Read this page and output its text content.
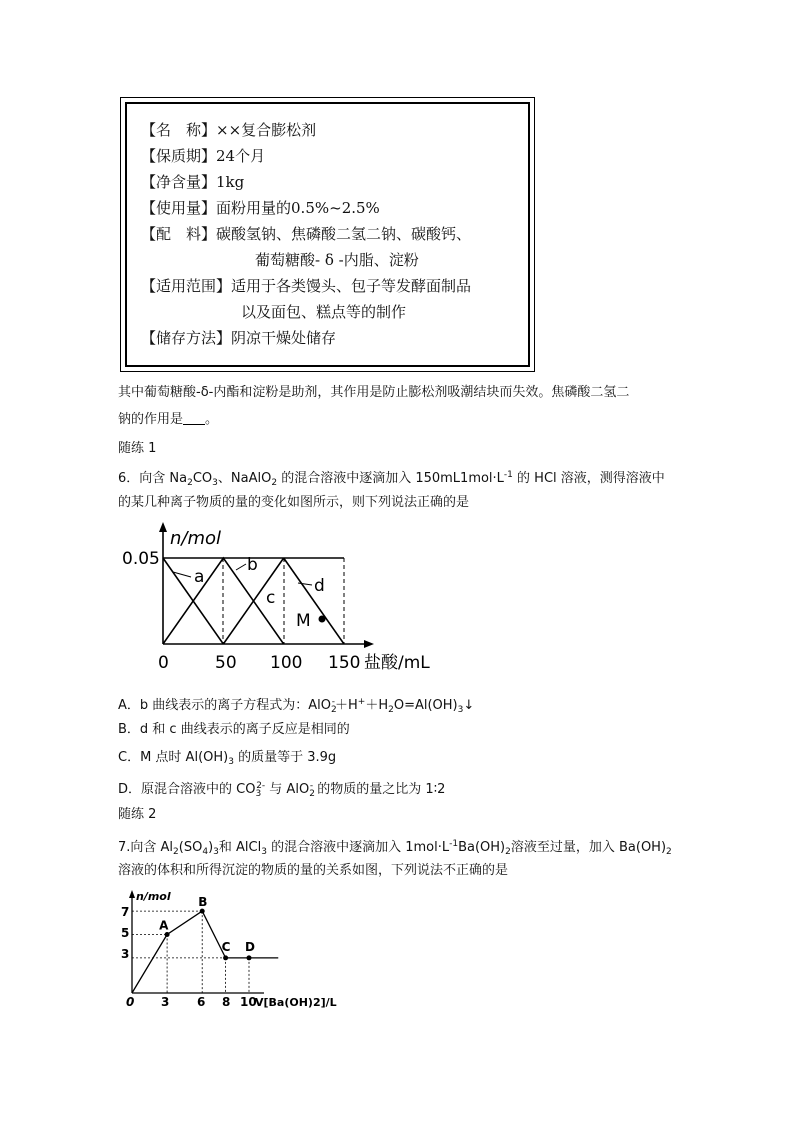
【名　称】××复合膨松剂
【保质期】24个月
【净含量】1kg
【使用量】面粉用量的0.5%~2.5%
【配　料】碳酸氢钠、焦磷酸二氢二钠、碳酸钙、
葡萄糖酸- δ -内脂、淀粉
【适用范围】适用于各类馒头、包子等发酵面制品
以及面包、糕点等的制作
【储存方法】阴凉干燥处储存
其中葡萄糖酸-δ-内酯和淀粉是助剂，其作用是防止膨松剂吸潮结块而失效。焦磷酸二氢二
钠的作用是 。
随练 1
6．向含 $Na_2CO_3$、NaAlO$_2$ 的混合溶液中逐滴加入 $150mL1mol\cdot L^{-1}$ 的 HCl 溶液，测得溶液中
的某几种离子物质的量的变化如图所示，则下列说法正确的是
n/mol
0.05
0	50 100 150 盐酸/mL
a
b
c
d
M
A．b 曲线表示的离子方程式为：$AlO_2^-+H^++H_2O=Al(OH)_3↓$
B．d 和 c 曲线表示的离子反应是相同的
C．M 点时 $Al(OH)_3$ 的质量等于 3.9g
D．原混合溶液中的 $CO_3^{2-}$ 与 AlO$_2$- 的物质的量之比为 1∶2
随练 2
7.向含 $Al_2(SO_4)_3$和 AlCl$_3$ 的混合溶液中逐滴加入 $1mol\cdot L^{-1}Ba(OH)_2$溶液至过量，加入 $Ba(OH)_2$
溶液的体积和所得沉淀的物质的量的关系如图，下列说法不正确的是
A
B
C D
n/mol
7
5
3
0 3 6 8 10
V[Ba(OH)2]/L
